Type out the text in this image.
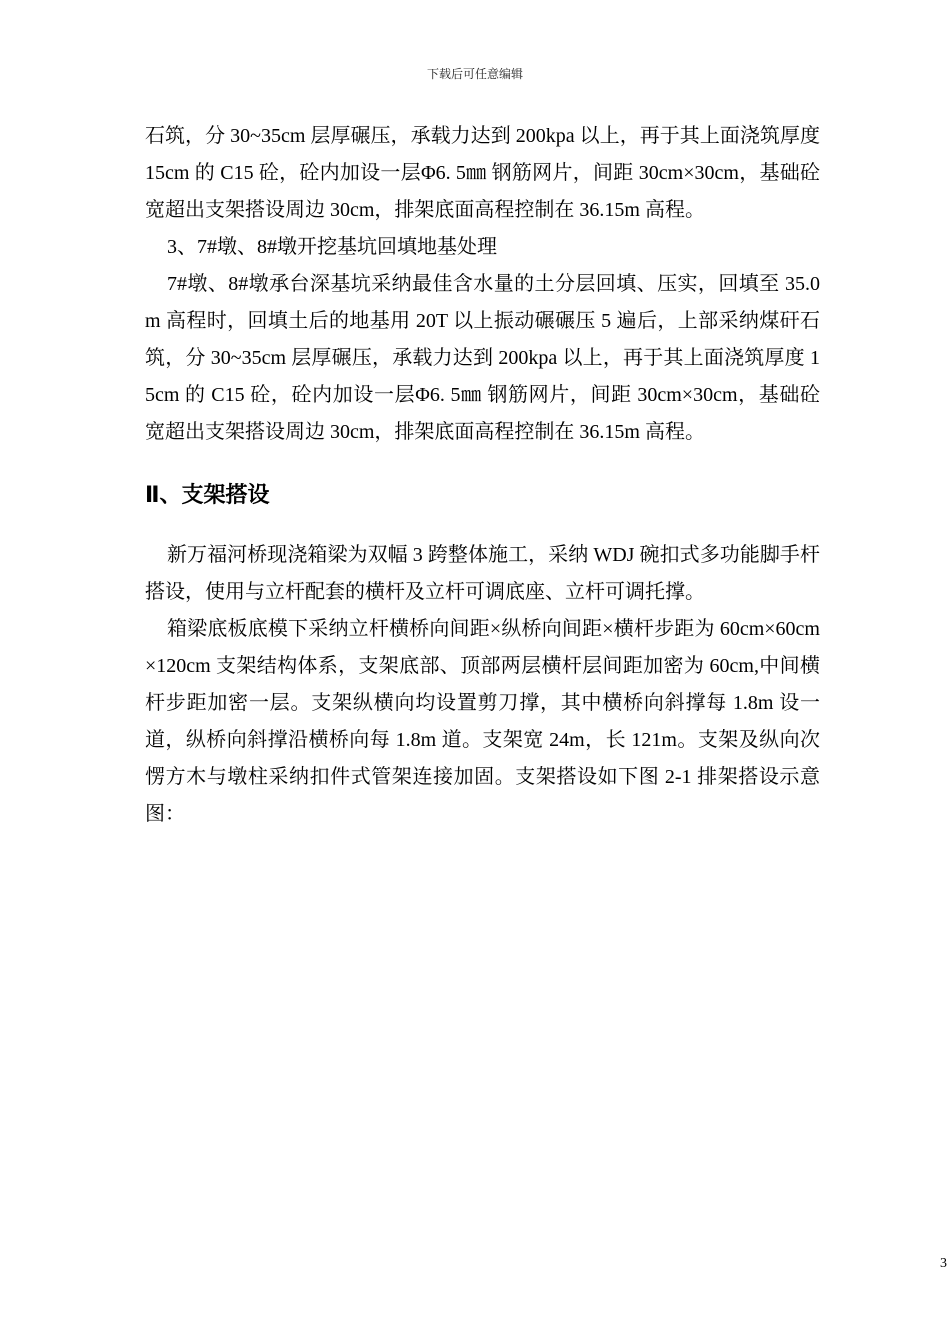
下载后可任意编辑

石筑，分 30~35cm 层厚碾压，承载力达到 200kpa 以上，再于其上面浇筑厚度 15cm 的 C15 砼，砼内加设一层Φ6. 5㎜ 钢筋网片，间距 30cm×30cm，基础砼宽超出支架搭设周边 30cm，排架底面高程控制在 36.15m 高程。

3、7#墩、8#墩开挖基坑回填地基处理

7#墩、8#墩承台深基坑采纳最佳含水量的土分层回填、压实，回填至 35.0m 高程时，回填土后的地基用 20T 以上振动碾碾压 5 遍后，上部采纳煤矸石筑，分 30~35cm 层厚碾压，承载力达到 200kpa 以上，再于其上面浇筑厚度 15cm 的 C15 砼，砼内加设一层Φ6. 5㎜ 钢筋网片，间距 30cm×30cm，基础砼宽超出支架搭设周边 30cm，排架底面高程控制在 36.15m 高程。

Ⅱ、支架搭设

新万福河桥现浇箱梁为双幅 3 跨整体施工，采纳 WDJ 碗扣式多功能脚手杆搭设，使用与立杆配套的横杆及立杆可调底座、立杆可调托撑。

箱梁底板底模下采纳立杆横桥向间距×纵桥向间距×横杆步距为 60cm×60cm×120cm 支架结构体系，支架底部、顶部两层横杆层间距加密为 60cm,中间横杆步距加密一层。支架纵横向均设置剪刀撑，其中横桥向斜撑每 1.8m 设一道，纵桥向斜撑沿横桥向每 1.8m 道。支架宽 24m，长 121m。支架及纵向次愣方木与墩柱采纳扣件式管架连接加固。支架搭设如下图 2-1 排架搭设示意图：

3
